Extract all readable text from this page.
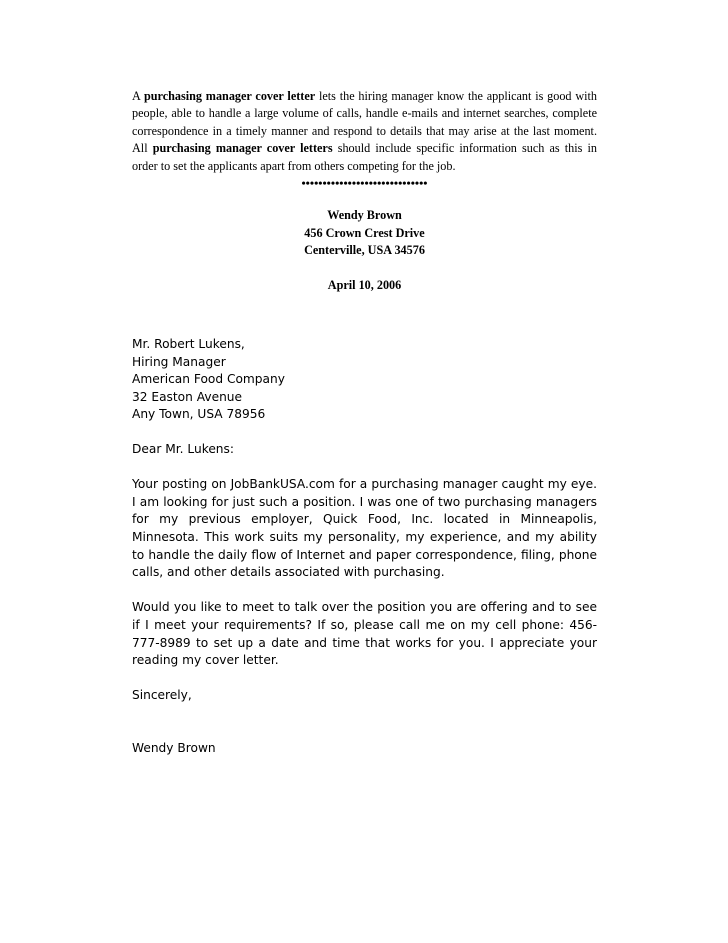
A purchasing manager cover letter lets the hiring manager know the applicant is good with people, able to handle a large volume of calls, handle e-mails and internet searches, complete correspondence in a timely manner and respond to details that may arise at the last moment. All purchasing manager cover letters should include specific information such as this in order to set the applicants apart from others competing for the job.

••••••••••••••••••••••••••••••
Wendy Brown
456 Crown Crest Drive
Centerville, USA 34576
April 10, 2006
Mr. Robert Lukens,
Hiring Manager
American Food Company
32 Easton Avenue
Any Town, USA 78956
Dear Mr. Lukens:
Your posting on JobBankUSA.com for a purchasing manager caught my eye. I am looking for just such a position. I was one of two purchasing managers for my previous employer, Quick Food, Inc. located in Minneapolis, Minnesota. This work suits my personality, my experience, and my ability to handle the daily flow of Internet and paper correspondence, filing, phone calls, and other details associated with purchasing.
Would you like to meet to talk over the position you are offering and to see if I meet your requirements? If so, please call me on my cell phone: 456-777-8989 to set up a date and time that works for you. I appreciate your reading my cover letter.
Sincerely,
Wendy Brown
